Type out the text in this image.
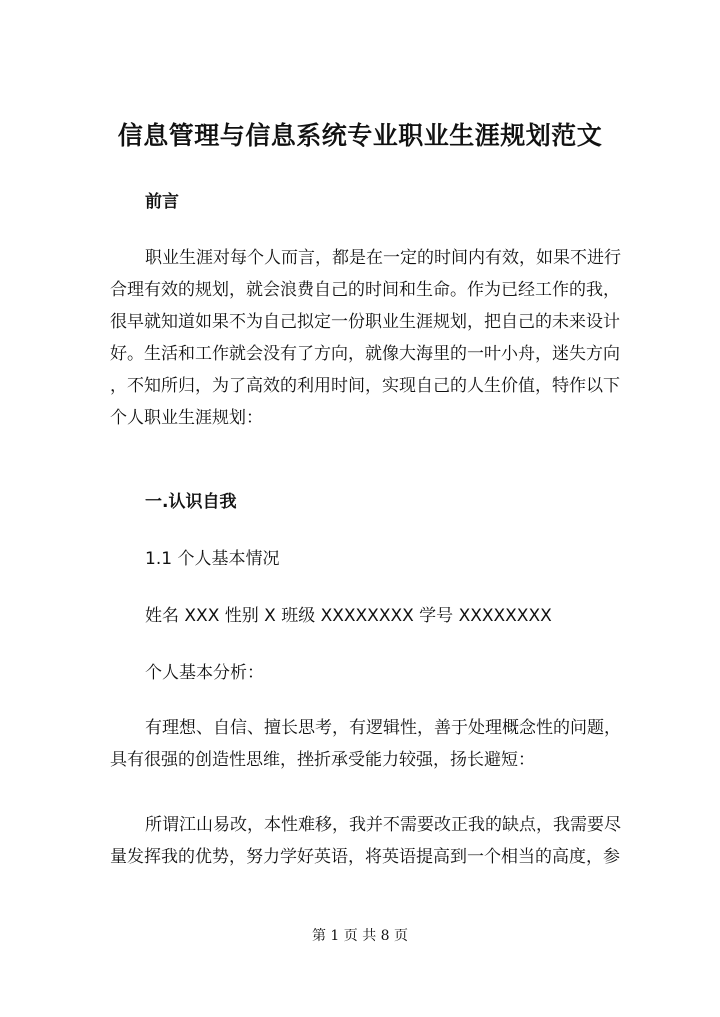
信息管理与信息系统专业职业生涯规划范文
前言
职业生涯对每个人而言，都是在一定的时间内有效，如果不进行
合理有效的规划，就会浪费自己的时间和生命。作为已经工作的我，
很早就知道如果不为自己拟定一份职业生涯规划，把自己的未来设计
好。生活和工作就会没有了方向，就像大海里的一叶小舟，迷失方向
，不知所归，为了高效的利用时间，实现自己的人生价值，特作以下
个人职业生涯规划：
一.认识自我
1.1 个人基本情况
姓名 XXX 性别 X 班级 XXXXXXXX 学号 XXXXXXXX
个人基本分析：
有理想、自信、擅长思考，有逻辑性，善于处理概念性的问题，
具有很强的创造性思维，挫折承受能力较强，扬长避短：
所谓江山易改，本性难移，我并不需要改正我的缺点，我需要尽
量发挥我的优势，努力学好英语，将英语提高到一个相当的高度，参
第 1 页 共 8 页
